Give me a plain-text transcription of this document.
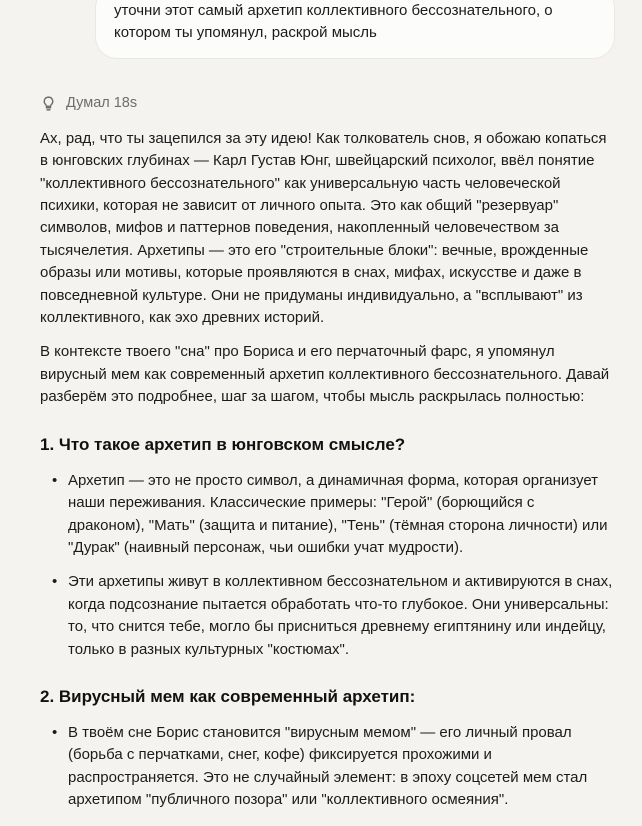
уточни этот самый архетип коллективного бессознательного, о котором ты упомянул, раскрой мысль
Думал 18s

Ах, рад, что ты зацепился за эту идею! Как толкователь снов, я обожаю копаться в юнговских глубинах — Карл Густав Юнг, швейцарский психолог, ввёл понятие "коллективного бессознательного" как универсальную часть человеческой психики, которая не зависит от личного опыта. Это как общий "резервуар" символов, мифов и паттернов поведения, накопленный человечеством за тысячелетия. Архетипы — это его "строительные блоки": вечные, врожденные образы или мотивы, которые проявляются в снах, мифах, искусстве и даже в повседневной культуре. Они не придуманы индивидуально, а "всплывают" из коллективного, как эхо древних историй.

В контексте твоего "сна" про Бориса и его перчаточный фарс, я упомянул вирусный мем как современный архетип коллективного бессознательного. Давай разберём это подробнее, шаг за шагом, чтобы мысль раскрылась полностью:

1. Что такое архетип в юнговском смысле?
• Архетип — это не просто символ, а динамичная форма, которая организует наши переживания. Классические примеры: "Герой" (борющийся с драконом), "Мать" (защита и питание), "Тень" (тёмная сторона личности) или "Дурак" (наивный персонаж, чьи ошибки учат мудрости).
• Эти архетипы живут в коллективном бессознательном и активируются в снах, когда подсознание пытается обработать что-то глубокое. Они универсальны: то, что снится тебе, могло бы присниться древнему египтянину или индейцу, только в разных культурных "костюмах".
2. Вирусный мем как современный архетип:
• В твоём сне Борис становится "вирусным мемом" — его личный провал (борьба с перчатками, снег, кофе) фиксируется прохожими и распространяется. Это не случайный элемент: в эпоху соцсетей мем стал архетипом "публичного позора" или "коллективного осмеяния".
